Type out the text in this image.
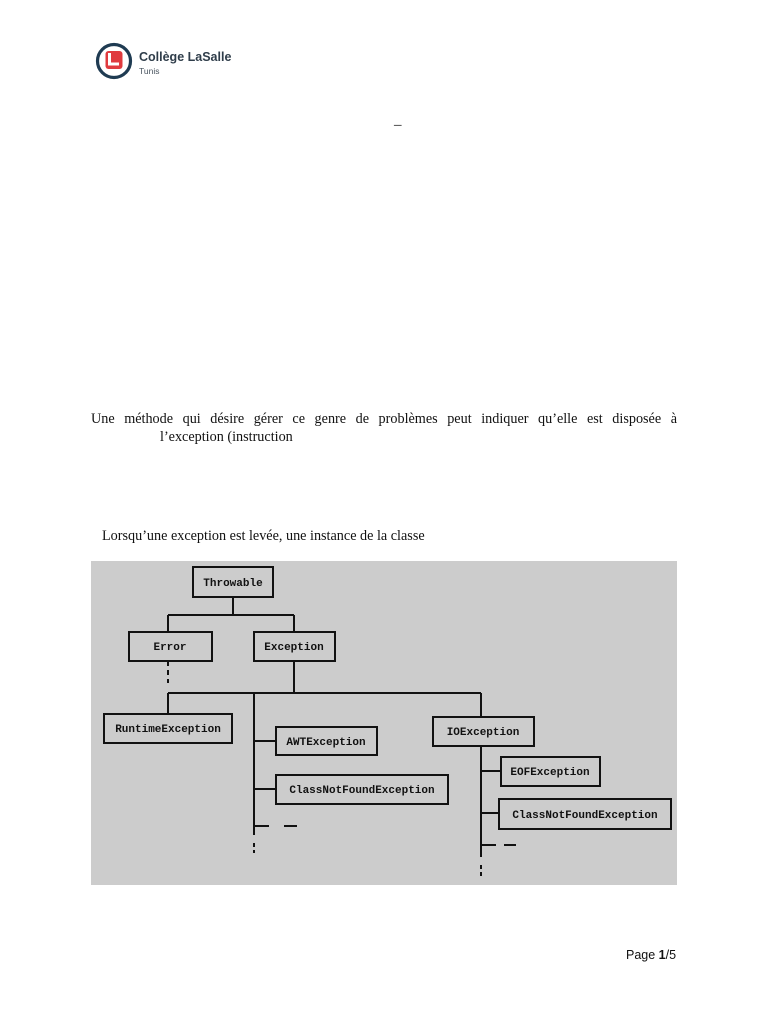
Collège LaSalle
Tunis
–
Une méthode qui désire gérer ce genre de problèmes peut indiquer qu’elle est disposée à
l’exception (instruction
Lorsqu’une exception est levée, une instance de la classe
Throwable
Error	Exception
RuntimeException
AWTException
ClassNotFoundException
IOException
EOFException
ClassNotFoundException
Page 1/5
